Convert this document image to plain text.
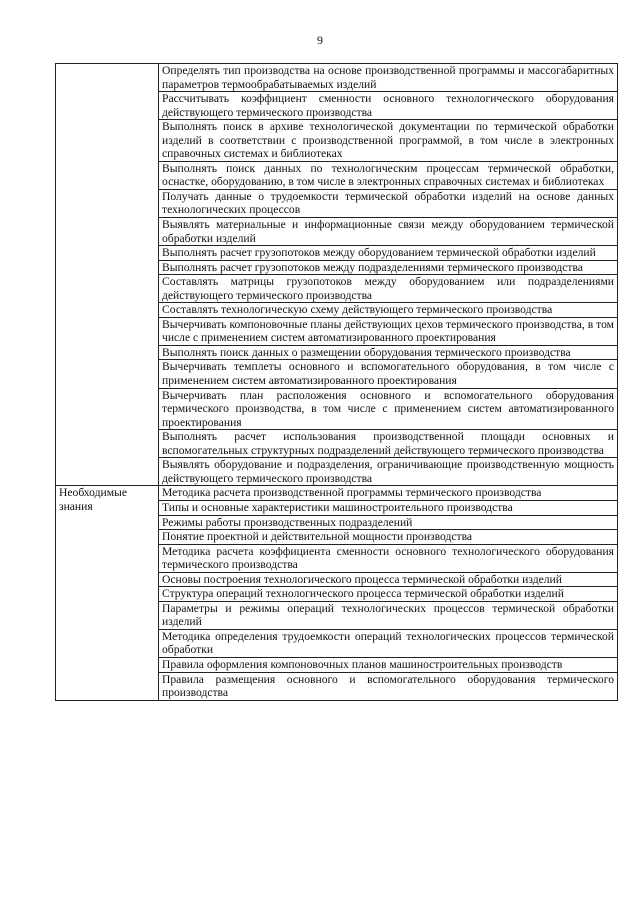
9
	Определять тип производства на основе производственной программы и массогабаритных параметров термообрабатываемых изделий
	Рассчитывать коэффициент сменности основного технологического оборудования действующего термического производства
	Выполнять поиск в архиве технологической документации по термической обработки изделий в соответствии с производственной программой, в том числе в электронных справочных системах и библиотеках
	Выполнять поиск данных по технологическим процессам термической обработки, оснастке, оборудованию, в том числе в электронных справочных системах и библиотеках
	Получать данные о трудоемкости термической обработки изделий на основе данных технологических процессов
	Выявлять материальные и информационные связи между оборудованием термической обработки изделий
	Выполнять расчет грузопотоков между оборудованием термической обработки изделий
	Выполнять расчет грузопотоков между подразделениями термического производства
	Составлять матрицы грузопотоков между оборудованием или подразделениями действующего термического производства
	Составлять технологическую схему действующего термического производства
	Вычерчивать компоновочные планы действующих цехов термического производства, в том числе с применением систем автоматизированного проектирования
	Выполнять поиск данных о размещении оборудования термического производства
	Вычерчивать темплеты основного и вспомогательного оборудования, в том числе с применением систем автоматизированного проектирования
	Вычерчивать план расположения основного и вспомогательного оборудования термического производства, в том числе с применением систем автоматизированного проектирования
	Выполнять расчет использования производственной площади основных и вспомогательных структурных подразделений действующего термического производства
	Выявлять оборудование и подразделения, ограничивающие производственную мощность действующего термического производства
Необходимые знания	Методика расчета производственной программы термического производства
	Типы и основные характеристики машиностроительного производства
	Режимы работы производственных подразделений
	Понятие проектной и действительной мощности производства
	Методика расчета коэффициента сменности основного технологического оборудования термического производства
	Основы построения технологического процесса термической обработки изделий
	Структура операций технологического процесса термической обработки изделий
	Параметры и режимы операций технологических процессов термической обработки изделий
	Методика определения трудоемкости операций технологических процессов термической обработки
	Правила оформления компоновочных планов машиностроительных производств
	Правила размещения основного и вспомогательного оборудования термического производства
